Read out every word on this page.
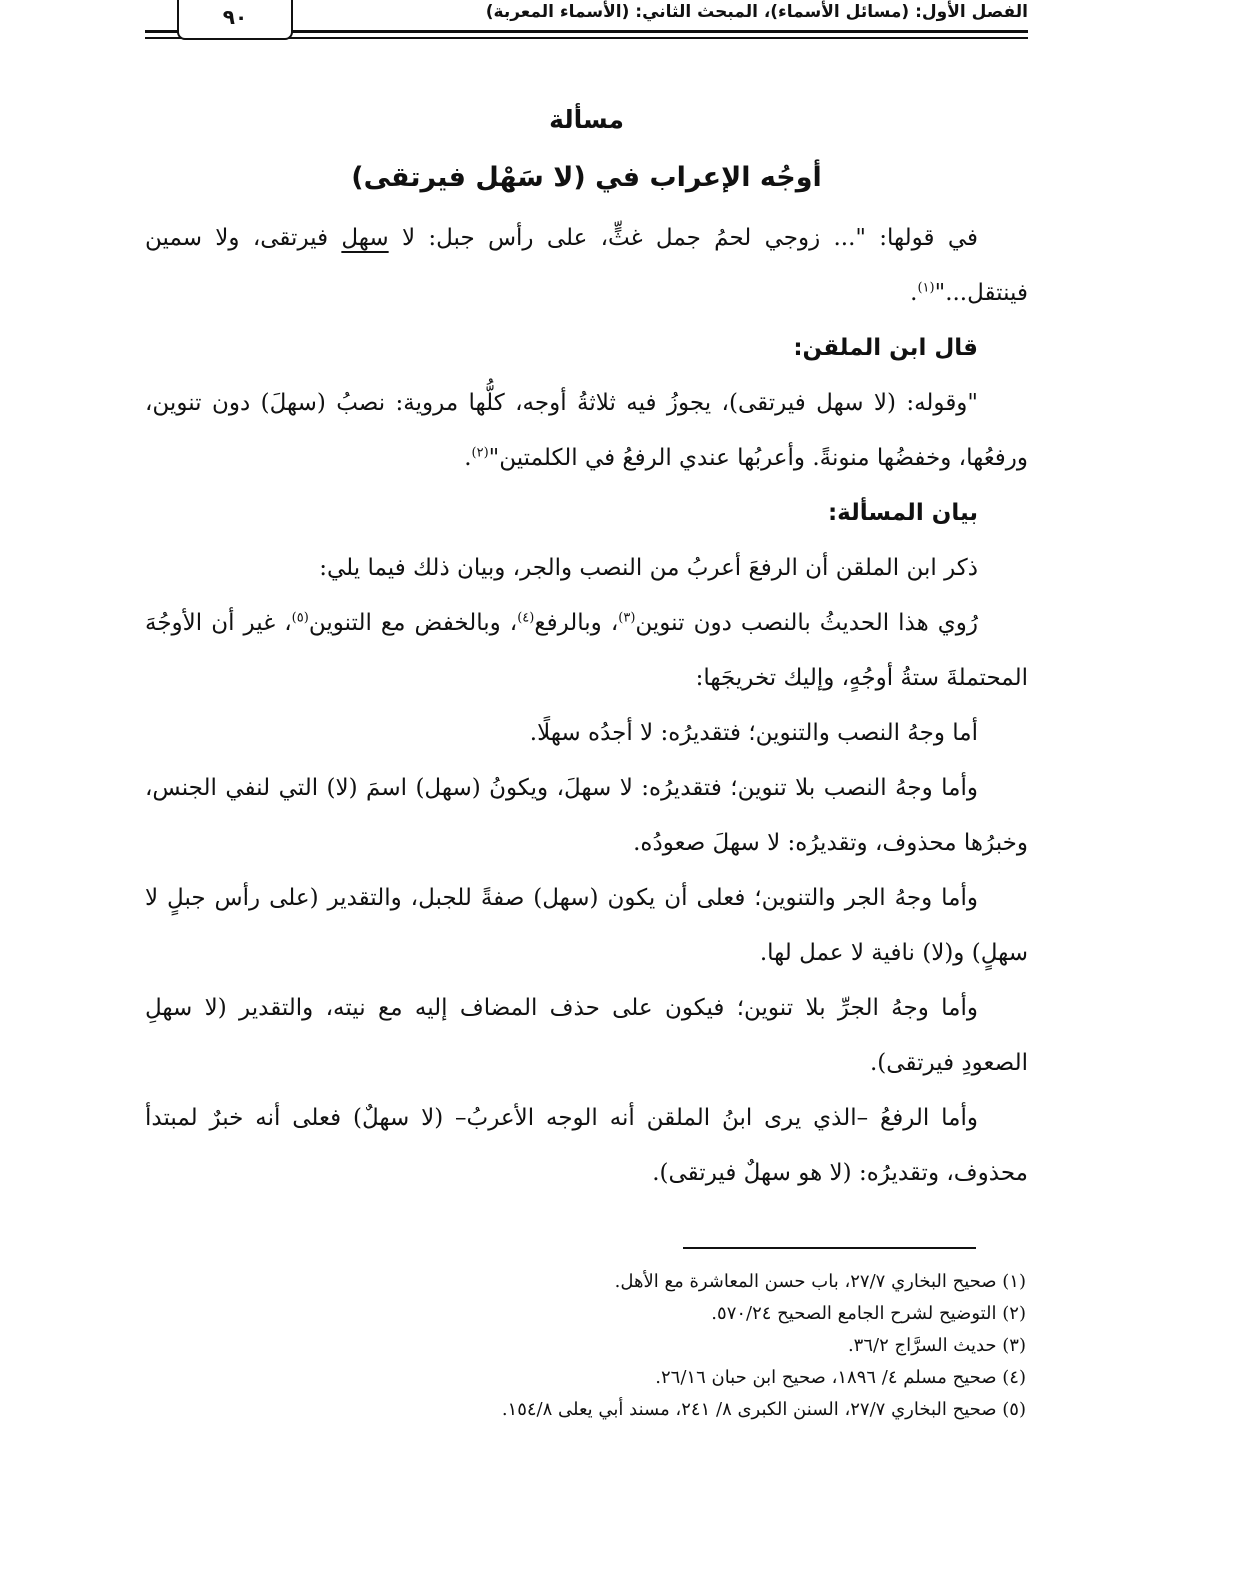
الفصل الأول: (مسائل الأسماء)، المبحث الثاني: (الأسماء المعربة)
٩٠
مسألة
أوجُه الإعراب في (لا سَهْل فيرتقى)

في قولها: "... زوجي لحمُ جمل غثٍّ، على رأس جبل: لا سهل فيرتقى، ولا سمين فينتقل..."$^{(١)}$.

قال ابن الملقن:

"وقوله: (لا سهل فيرتقى)، يجوزُ فيه ثلاثةُ أوجه، كلُّها مروية: نصبُ (سهلَ) دون تنوين، ورفعُها، وخفضُها منونةً. وأعربُها عندي الرفعُ في الكلمتين"$^{(٢)}$.

بيان المسألة:

ذكر ابن الملقن أن الرفعَ أعربُ من النصب والجر، وبيان ذلك فيما يلي:

رُوي هذا الحديثُ بالنصب دون تنوين$^{(٣)}$، وبالرفع$^{(٤)}$، وبالخفض مع التنوين$^{(٥)}$، غير أن الأوجُهَ المحتملةَ ستةُ أوجُهٍ، وإليك تخريجَها:

أما وجهُ النصب والتنوين؛ فتقديرُه: لا أجدُه سهلًا.

وأما وجهُ النصب بلا تنوين؛ فتقديرُه: لا سهلَ، ويكونُ (سهل) اسمَ (لا) التي لنفي الجنس، وخبرُها محذوف، وتقديرُه: لا سهلَ صعودُه.

وأما وجهُ الجر والتنوين؛ فعلى أن يكون (سهل) صفةً للجبل، والتقدير (على رأس جبلٍ لا سهلٍ) و(لا) نافية لا عمل لها.

وأما وجهُ الجرِّ بلا تنوين؛ فيكون على حذف المضاف إليه مع نيته، والتقدير (لا سهلِ الصعودِ فيرتقى).

وأما الرفعُ –الذي يرى ابنُ الملقن أنه الوجه الأعربُ– (لا سهلٌ) فعلى أنه خبرٌ لمبتدأ محذوف، وتقديرُه: (لا هو سهلٌ فيرتقى).

(١) صحيح البخاري ٢٧/٧، باب حسن المعاشرة مع الأهل.

(٢) التوضيح لشرح الجامع الصحيح ٥٧٠/٢٤.

(٣) حديث السرَّاج ٣٦/٢.

(٤) صحيح مسلم ٤/ ١٨٩٦، صحيح ابن حبان ٢٦/١٦.

(٥) صحيح البخاري ٢٧/٧، السنن الكبرى ٨/ ٢٤١، مسند أبي يعلى ١٥٤/٨.
